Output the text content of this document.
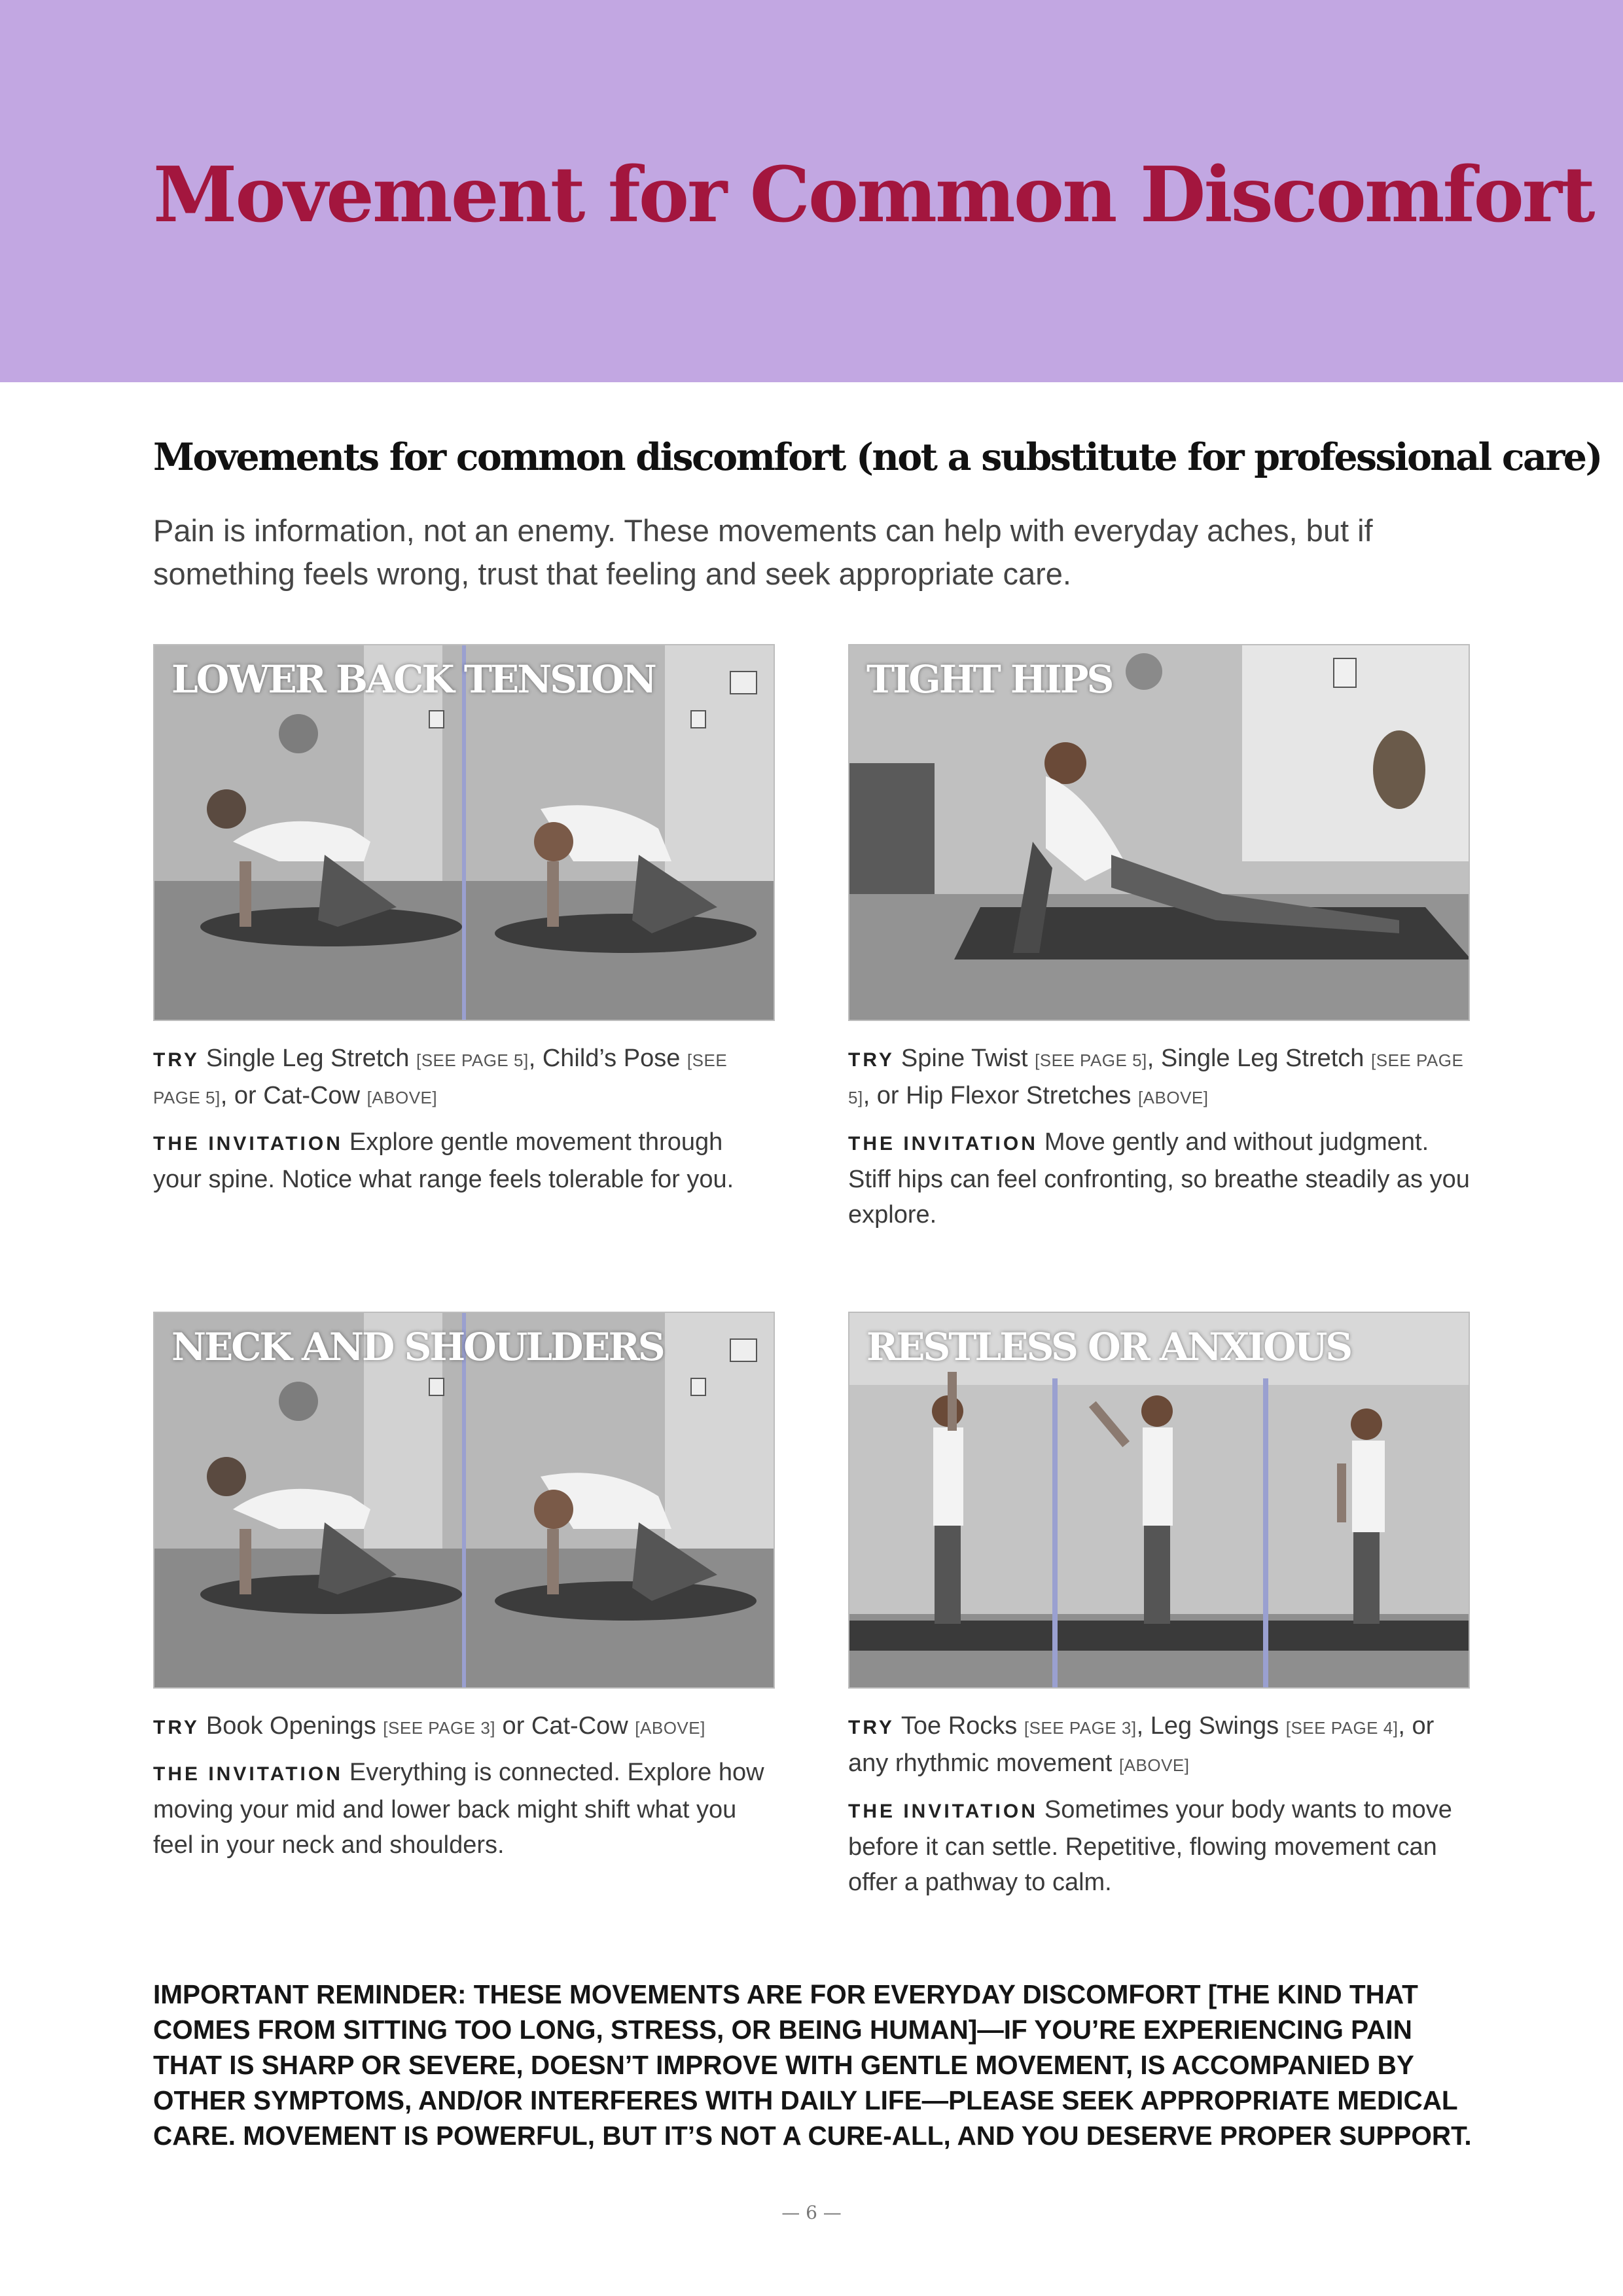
Movement for Common Discomfort
Movements for common discomfort (not a substitute for professional care)

Pain is information, not an enemy. These movements can help with everyday aches, but if something feels wrong, trust that feeling and seek appropriate care.

LOWER BACK TENSION

TRY Single Leg Stretch [SEE PAGE 5], Child’s Pose [SEE PAGE 5], or Cat-Cow [ABOVE]

THE INVITATION Explore gentle movement through your spine. Notice what range feels tolerable for you.

TIGHT HIPS

TRY Spine Twist [SEE PAGE 5], Single Leg Stretch [SEE PAGE 5], or Hip Flexor Stretches [ABOVE]

THE INVITATION Move gently and without judgment. Stiff hips can feel confronting, so breathe steadily as you explore.

NECK AND SHOULDERS

TRY Book Openings [SEE PAGE 3] or Cat-Cow [ABOVE]

THE INVITATION Everything is connected. Explore how moving your mid and lower back might shift what you feel in your neck and shoulders.

RESTLESS OR ANXIOUS

TRY Toe Rocks [SEE PAGE 3], Leg Swings [SEE PAGE 4], or any rhythmic movement [ABOVE]

THE INVITATION Sometimes your body wants to move before it can settle. Repetitive, flowing movement can offer a pathway to calm.

IMPORTANT REMINDER: THESE MOVEMENTS ARE FOR EVERYDAY DISCOMFORT [THE KIND THAT COMES FROM SITTING TOO LONG, STRESS, OR BEING HUMAN]—IF YOU’RE EXPERIENCING PAIN THAT IS SHARP OR SEVERE, DOESN’T IMPROVE WITH GENTLE MOVEMENT, IS ACCOMPANIED BY OTHER SYMPTOMS, AND/OR INTERFERES WITH DAILY LIFE—PLEASE SEEK APPROPRIATE MEDICAL CARE. MOVEMENT IS POWERFUL, BUT IT’S NOT A CURE-ALL, AND YOU DESERVE PROPER SUPPORT.

— 6 —
